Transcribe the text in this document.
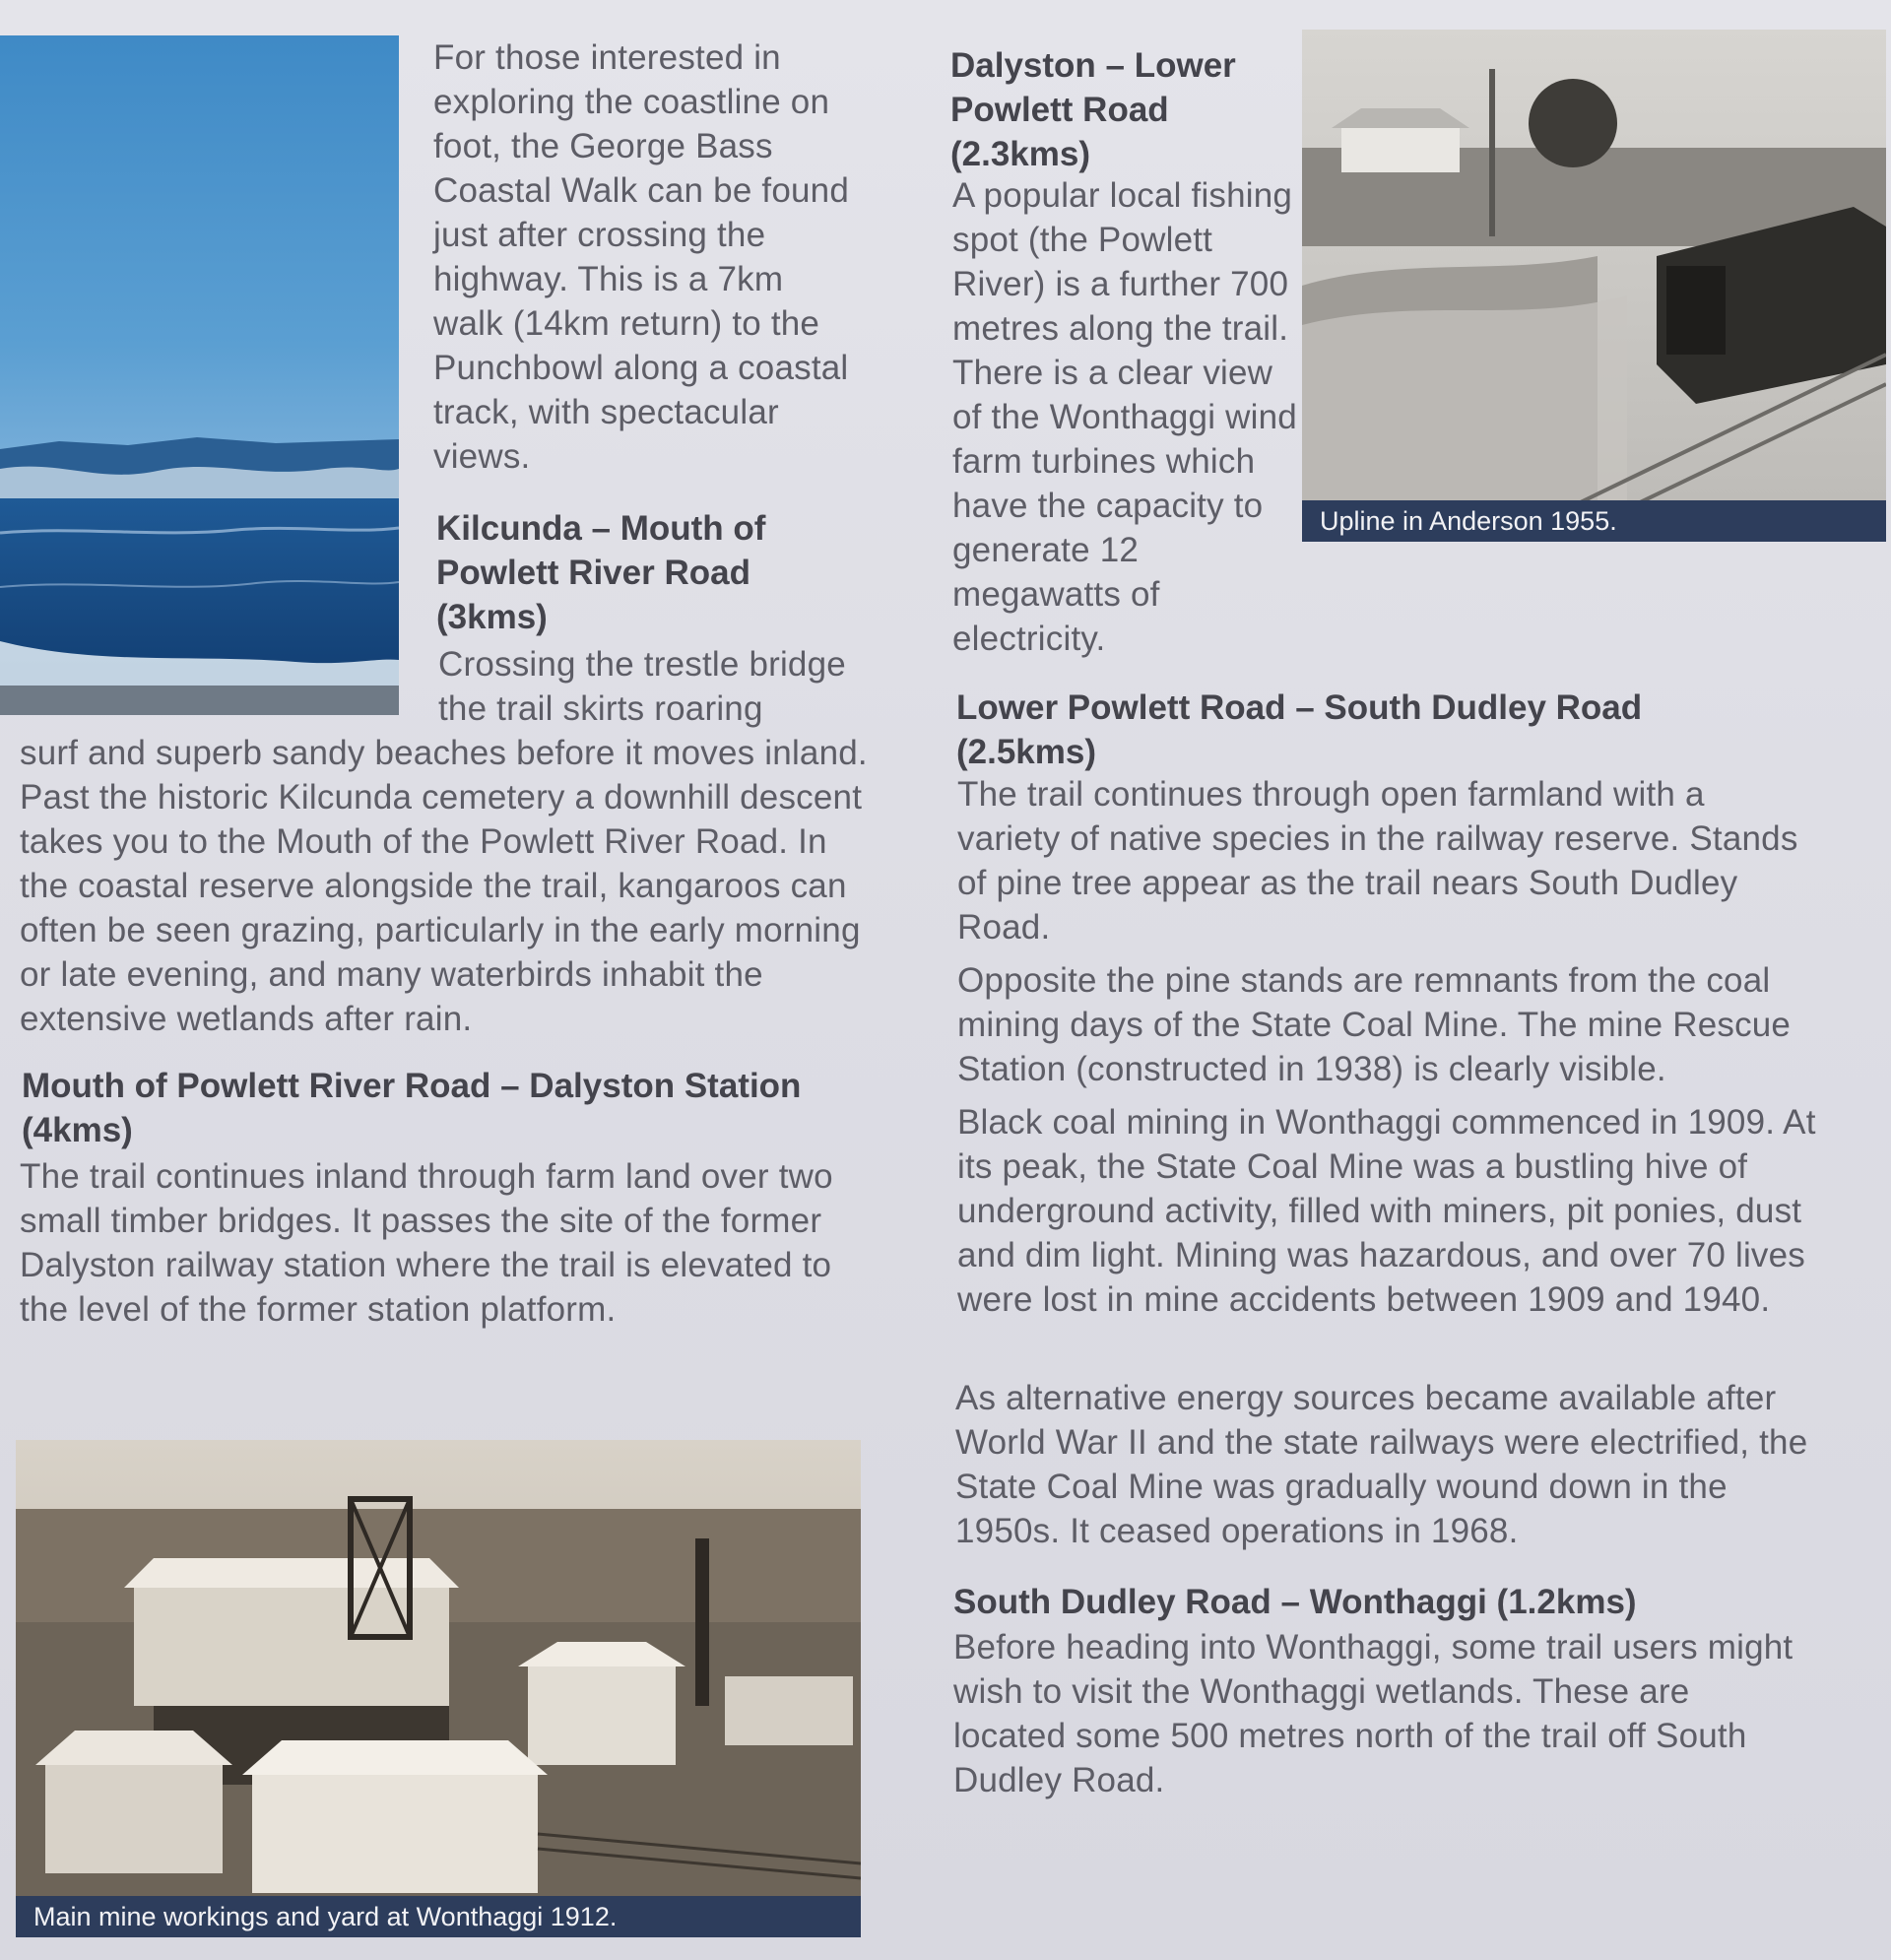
For those interested in exploring the coastline on foot, the George Bass Coastal Walk can be found just after crossing the highway. This is a 7km walk (14km return) to the Punchbowl along a coastal track, with spectacular views.

Kilcunda – Mouth of Powlett River Road (3kms)

Crossing the trestle bridge the trail skirts roaring

surf and superb sandy beaches before it moves inland. Past the historic Kilcunda cemetery a downhill descent takes you to the Mouth of the Powlett River Road. In the coastal reserve alongside the trail, kangaroos can often be seen grazing, particularly in the early morning or late evening, and many waterbirds inhabit the extensive wetlands after rain.

Mouth of Powlett River Road – Dalyston Station (4kms)

The trail continues inland through farm land over two small timber bridges. It passes the site of the former Dalyston railway station where the trail is elevated to the level of the former station platform.

Main mine workings and yard at Wonthaggi 1912.

Dalyston – Lower Powlett Road (2.3kms)

A popular local fishing spot (the Powlett River) is a further 700 metres along the trail. There is a clear view of the Wonthaggi wind farm turbines which have the capacity to generate 12 megawatts of electricity.

Upline in Anderson 1955.

Lower Powlett Road – South Dudley Road (2.5kms)

The trail continues through open farmland with a variety of native species in the railway reserve. Stands of pine tree appear as the trail nears South Dudley Road.

Opposite the pine stands are remnants from the coal mining days of the State Coal Mine. The mine Rescue Station (constructed in 1938) is clearly visible.

Black coal mining in Wonthaggi commenced in 1909. At its peak, the State Coal Mine was a bustling hive of underground activity, filled with miners, pit ponies, dust and dim light. Mining was hazardous, and over 70 lives were lost in mine accidents between 1909 and 1940.

As alternative energy sources became available after World War II and the state railways were electrified, the State Coal Mine was gradually wound down in the 1950s. It ceased operations in 1968.

South Dudley Road – Wonthaggi (1.2kms)

Before heading into Wonthaggi, some trail users might wish to visit the Wonthaggi wetlands. These are located some 500 metres north of the trail off South Dudley Road.
